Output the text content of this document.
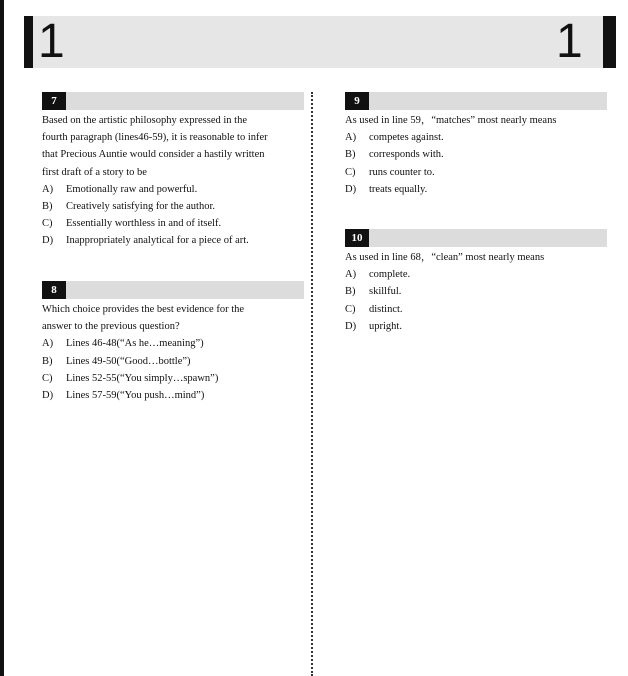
1	1
7
Based on the artistic philosophy expressed in the
fourth paragraph (lines46-59), it is reasonable to infer
that Precious Auntie would consider a hastily written
first draft of a story to be
A)	Emotionally raw and powerful.
B)	Creatively satisfying for the author.
C)	Essentially worthless in and of itself.
D)	Inappropriately analytical for a piece of art.
8
Which choice provides the best evidence for the
answer to the previous question?
A)	Lines 46-48(“As he…meaning”)
B)	Lines 49-50(“Good…bottle”)
C)	Lines 52-55(“You simply…spawn”)
D)	Lines 57-59(“You push…mind”)
9
As used in line 59，“matches” most nearly means
A)	competes against.
B)	corresponds with.
C)	runs counter to.
D)	treats equally.
10
As used in line 68，“clean” most nearly means
A)	complete.
B)	skillful.
C)	distinct.
D)	upright.
